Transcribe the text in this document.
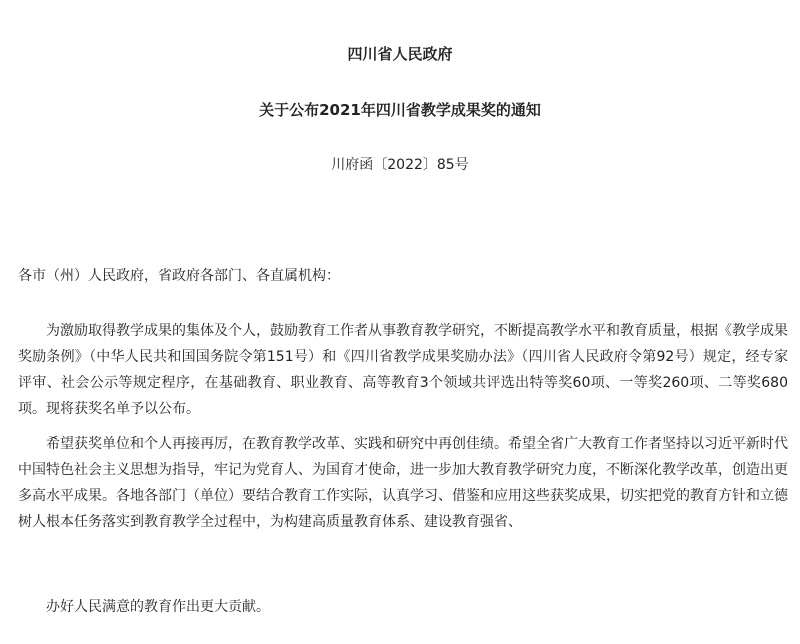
四川省人民政府
关于公布2021年四川省教学成果奖的通知
川府函〔2022〕85号
各市（州）人民政府，省政府各部门、各直属机构：
为激励取得教学成果的集体及个人，鼓励教育工作者从事教育教学研究，不断提高教学水平和教育质量，根据《教学成果奖励条例》（中华人民共和国国务院令第151号）和《四川省教学成果奖励办法》（四川省人民政府令第92号）规定，经专家评审、社会公示等规定程序，在基础教育、职业教育、高等教育3个领域共评选出特等奖60项、一等奖260项、二等奖680项。现将获奖名单予以公布。
希望获奖单位和个人再接再厉，在教育教学改革、实践和研究中再创佳绩。希望全省广大教育工作者坚持以习近平新时代中国特色社会主义思想为指导，牢记为党育人、为国育才使命，进一步加大教育教学研究力度，不断深化教学改革，创造出更多高水平成果。各地各部门（单位）要结合教育工作实际，认真学习、借鉴和应用这些获奖成果，切实把党的教育方针和立德树人根本任务落实到教育教学全过程中，为构建高质量教育体系、建设教育强省、
办好人民满意的教育作出更大贡献。
